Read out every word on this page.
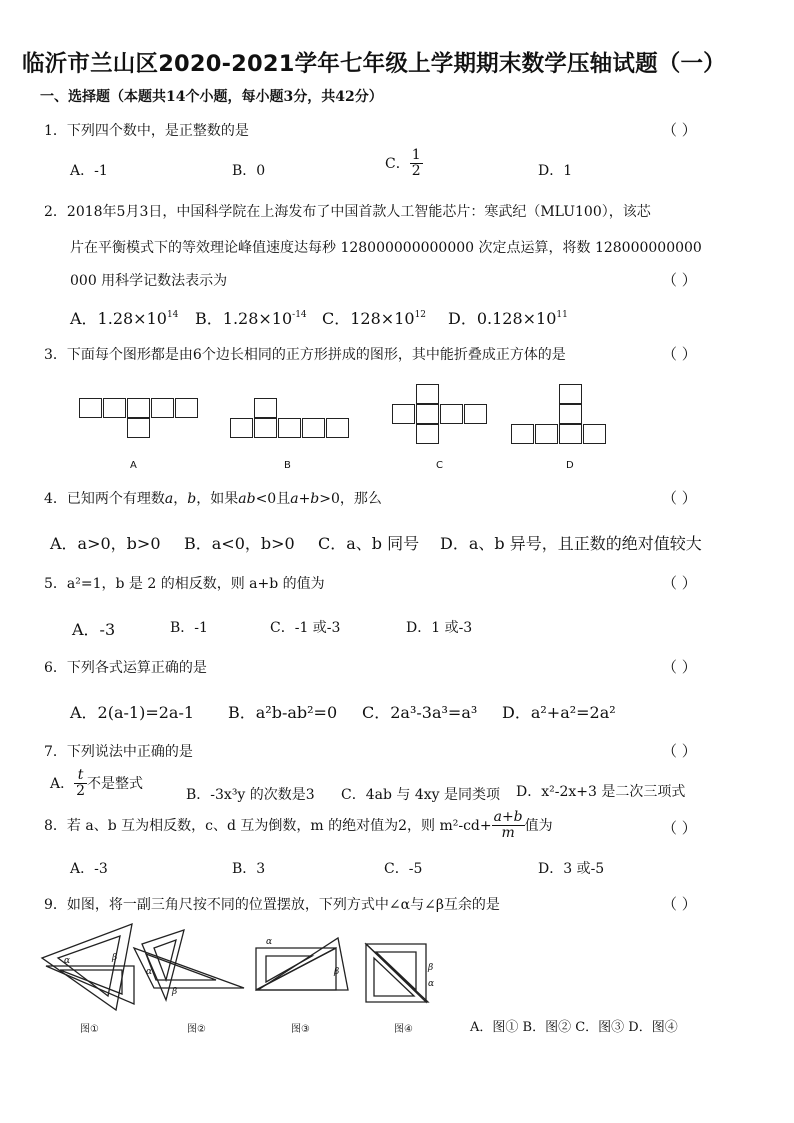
临沂市兰山区2020-2021学年七年级上学期期末数学压轴试题（一）
一、选择题（本题共14个小题，每小题3分，共42分）
1．下列四个数中，是正整数的是	（ ）
A．-1	B．0	C． $\frac{1}{2}$	D．1
2．2018年5月3日，中国科学院在上海发布了中国首款人工智能芯片：寒武纪（MLU100），该芯
片在平衡模式下的等效理论峰值速度达每秒 128000000000000 次定点运算，将数 128000000000
000 用科学记数法表示为	（ ）
A．$1.28\times 10^{14}$ B．$1.28\times 10^{-14}$ C．$128\times 10^{12}$ D．$0.128\times 10^{11}$
3．下面每个图形都是由6个边长相同的正方形拼成的图形，其中能折叠成正方体的是	（ ）
A	B	C	D
4．已知两个有理数a，b，如果ab<0且a+b>0，那么	（ ）
A．a>0，b>0 B．a<0，b>0 C．a、b 同号 D．a、b 异号，且正数的绝对值较大
5．a²=1，b 是 2 的相反数，则 a+b 的值为	（ ）
A．-3	B．-1	C．-1 或-3	D．1 或-3
6．下列各式运算正确的是	（ ）
A．2(a-1)=2a-1 B．a²b-ab²=0 C．2a³-3a³=a³ D．a²+a²=2a²
7．下列说法中正确的是	（ ）
A． $\frac{t}{2}$ 不是整式
B．-3x³y 的次数是3 C．4ab 与 4xy 是同类项 D．x²-2x+3 是二次三项式
8．若 a、b 互为相反数，c、d 互为倒数，m 的绝对值为2，则 $m^2-cd+ \frac{a+b}{m}$ 值为	（ ）
A．-3	B．3	C．-5	D．3 或-5
9．如图，将一副三角尺按不同的位置摆放，下列方式中∠α与∠β互余的是	（ ）
α	β
α
β
α
β	β
α
图①	图②	图③	图④	A．图① B．图② C．图③ D．图④
